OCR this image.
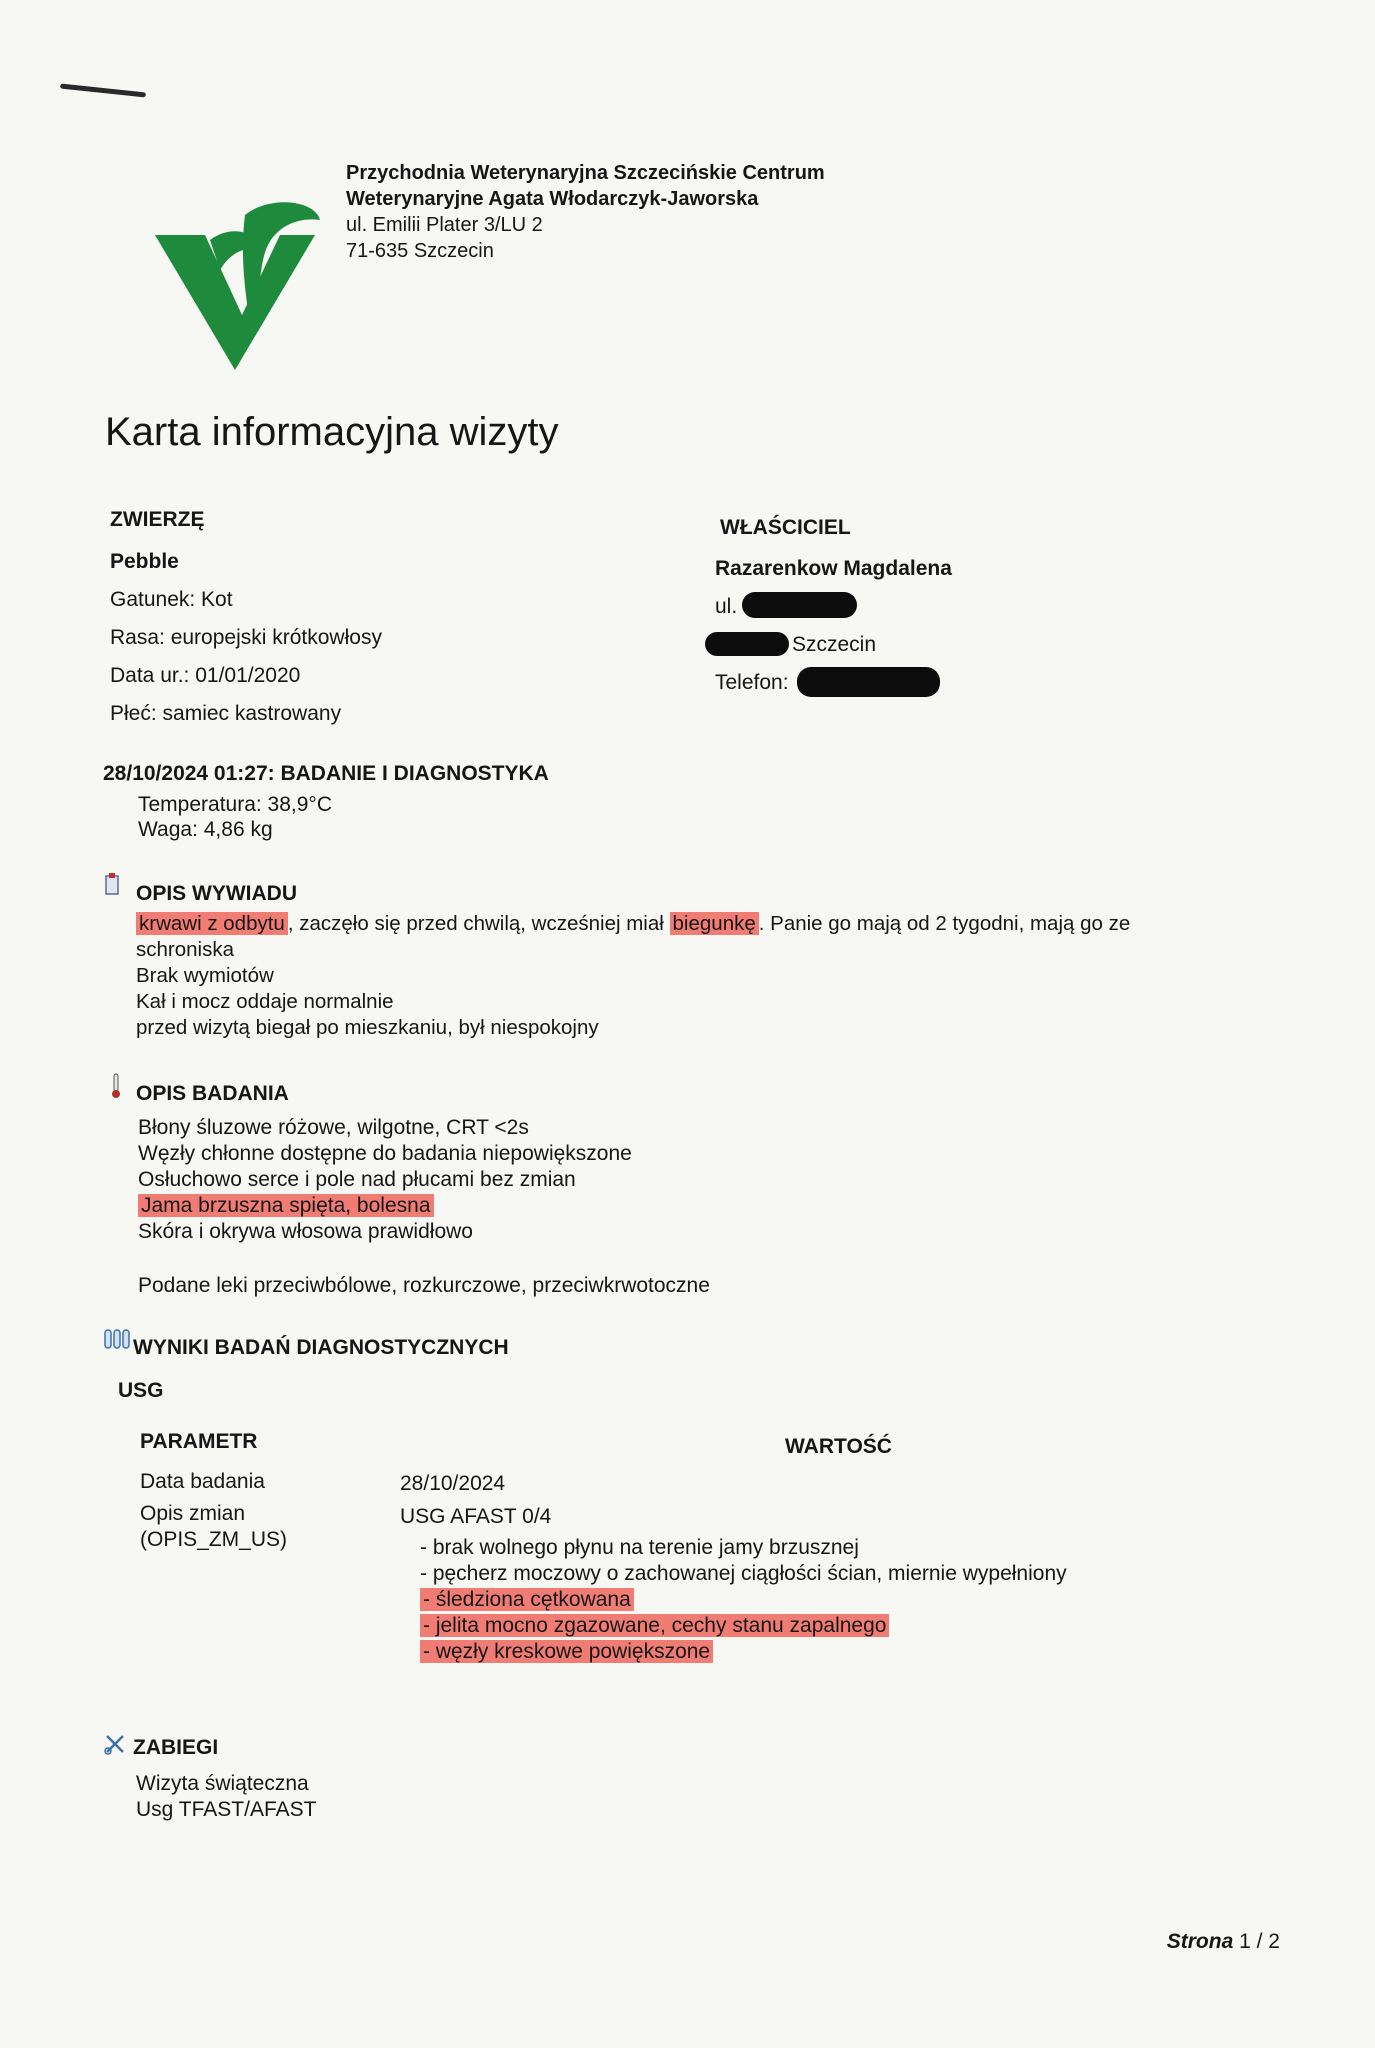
Przychodnia Weterynaryjna Szczecińskie Centrum
Weterynaryjne Agata Włodarczyk-Jaworska
ul. Emilii Plater 3/LU 2
71-635 Szczecin
Karta informacyjna wizyty
ZWIERZĘ
Pebble
Gatunek: Kot
Rasa: europejski krótkowłosy
Data ur.: 01/01/2020
Płeć: samiec kastrowany
WŁAŚCICIEL
Razarenkow Magdalena
ul.
Szczecin
Telefon:
28/10/2024 01:27: BADANIE I DIAGNOSTYKA
Temperatura: 38,9°C
Waga: 4,86 kg
OPIS WYWIADU
krwawi z odbytu , zaczęło się przed chwilą, wcześniej miał biegunkę . Panie go mają od 2 tygodni, mają go ze
schroniska
Brak wymiotów
Kał i mocz oddaje normalnie
przed wizytą biegał po mieszkaniu, był niespokojny
OPIS BADANIA
Błony śluzowe różowe, wilgotne, CRT <2s
Węzły chłonne dostępne do badania niepowiększone
Osłuchowo serce i pole nad płucami bez zmian
Jama brzuszna spięta, bolesna
Skóra i okrywa włosowa prawidłowo
Podane leki przeciwbólowe, rozkurczowe, przeciwkrwotoczne
WYNIKI BADAŃ DIAGNOSTYCZNYCH
USG
PARAMETR	WARTOŚĆ
Data badania	28/10/2024
Opis zmian
(OPIS_ZM_US)
USG AFAST 0/4
- brak wolnego płynu na terenie jamy brzusznej
- pęcherz moczowy o zachowanej ciągłości ścian, miernie wypełniony
- śledziona cętkowana
- jelita mocno zgazowane, cechy stanu zapalnego
- węzły kreskowe powiększone
ZABIEGI
Wizyta świąteczna
Usg TFAST/AFAST
Strona 1 / 2
